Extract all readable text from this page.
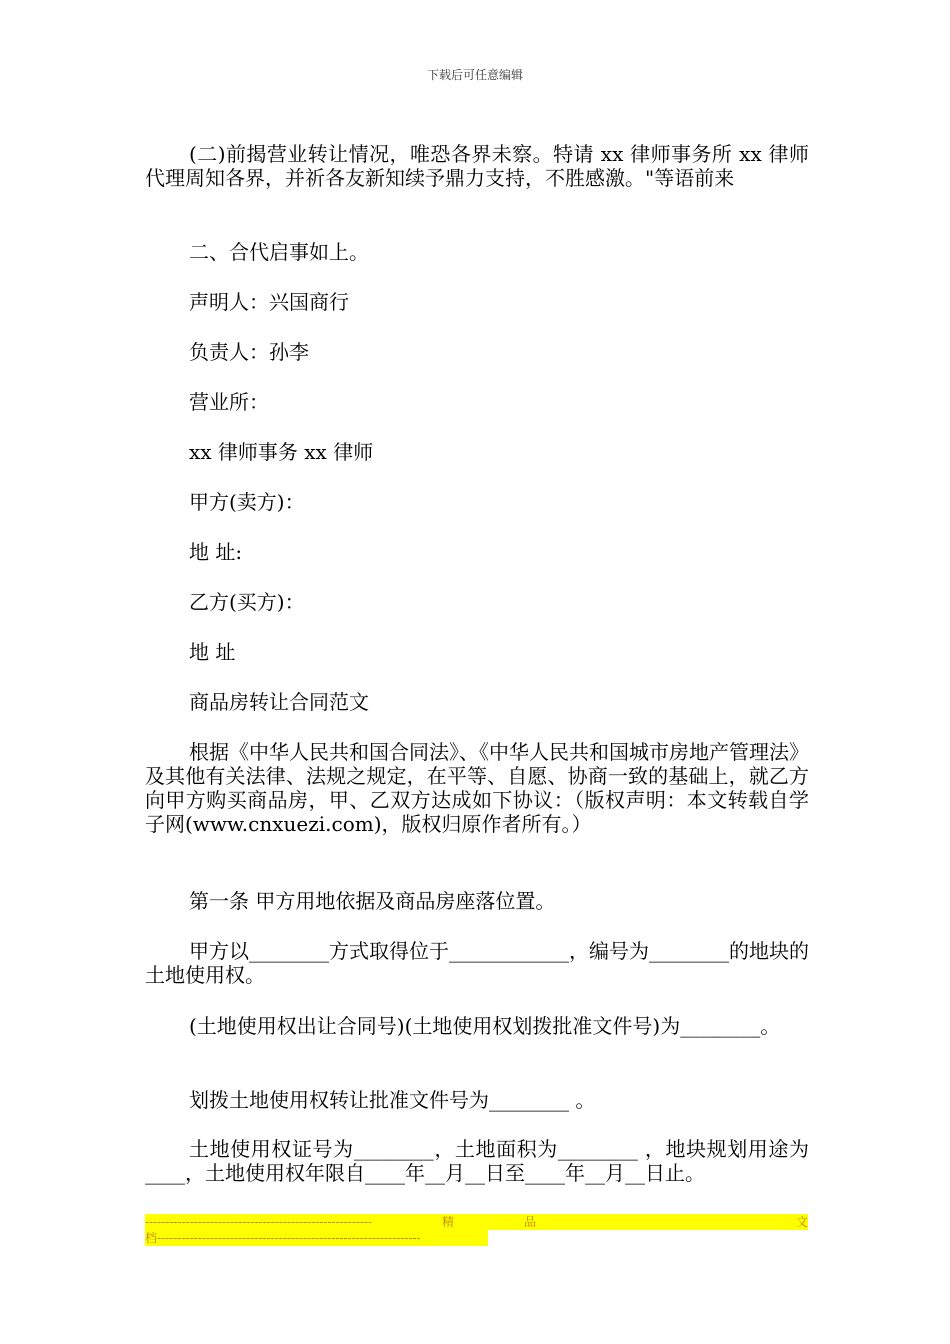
下载后可任意编辑

(二)前揭营业转让情况，唯恐各界未察。特请 xx 律师事务所 xx 律师代理周知各界，并祈各友新知续予鼎力支持，不胜感激。"等语前来

二、合代启事如上。

声明人：兴国商行

负责人：孙李

营业所：

xx 律师事务 xx 律师

甲方(卖方)：

地 址:

乙方(买方)：

地 址

商品房转让合同范文

根据《中华人民共和国合同法》、《中华人民共和国城市房地产管理法》及其他有关法律、法规之规定，在平等、自愿、协商一致的基础上，就乙方向甲方购买商品房，甲、乙双方达成如下协议：（版权声明：本文转载自学子网(www.cnxuezi.com)，版权归原作者所有。）

第一条 甲方用地依据及商品房座落位置。

甲方以________方式取得位于____________，编号为________的地块的土地使用权。

(土地使用权出让合同号)(土地使用权划拨批准文件号)为________。

划拨土地使用权转让批准文件号为________ 。

土地使用权证号为________，土地面积为________ ，地块规划用途为____，土地使用权年限自____年__月__日至____年__月__日止。

--------------------------------------------------------	精	品	文
档-----------------------------------------------------------------
